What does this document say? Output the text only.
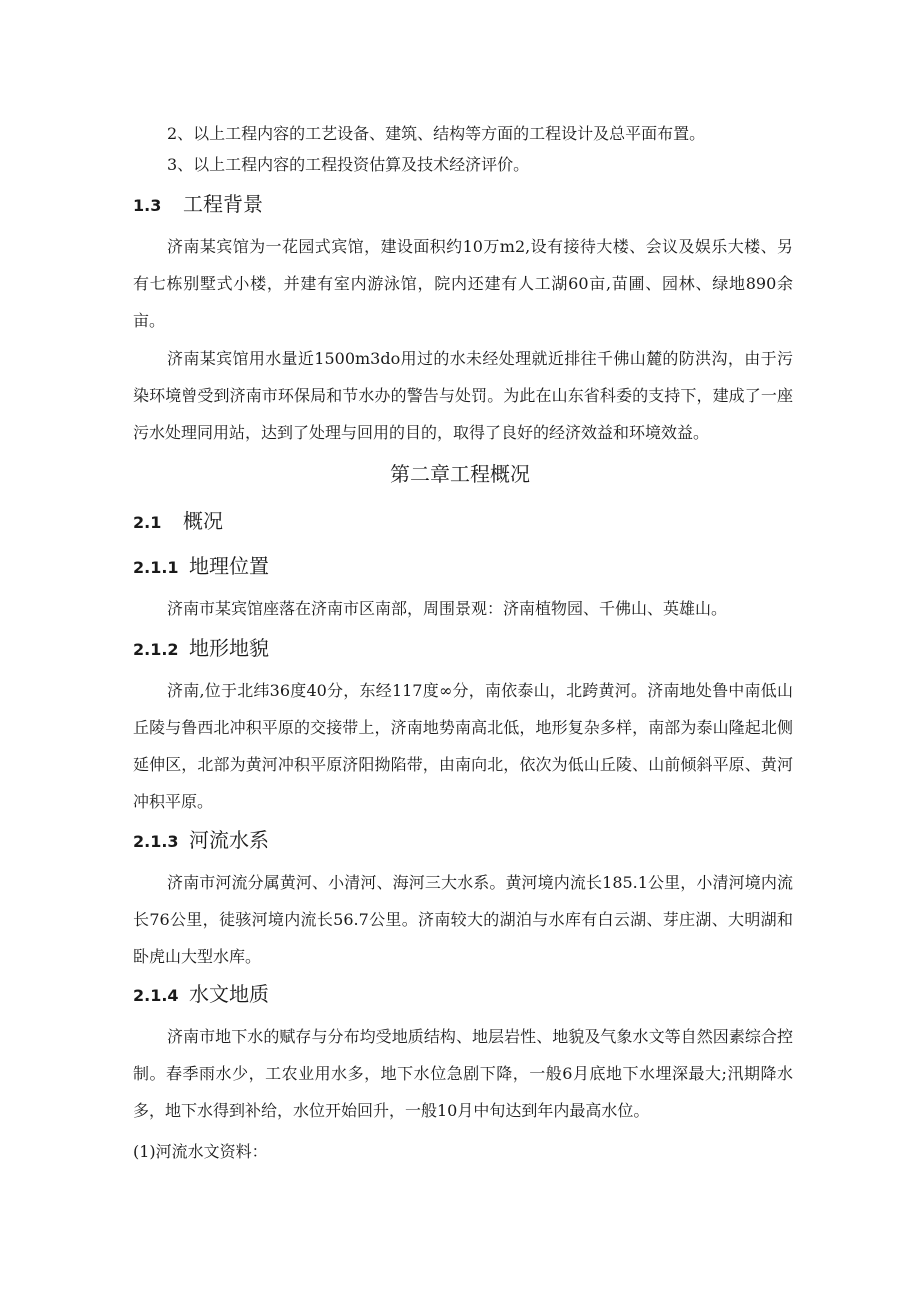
2、以上工程内容的工艺设备、建筑、结构等方面的工程设计及总平面布置。

3、以上工程内容的工程投资估算及技术经济评价。

1.3 工程背景

济南某宾馆为一花园式宾馆，建设面积约10万m2,设有接待大楼、会议及娱乐大楼、另有七栋别墅式小楼，并建有室内游泳馆，院内还建有人工湖60亩,苗圃、园林、绿地890余亩。

济南某宾馆用水量近1500m3do用过的水未经处理就近排往千佛山麓的防洪沟，由于污染环境曾受到济南市环保局和节水办的警告与处罚。为此在山东省科委的支持下，建成了一座污水处理同用站，达到了处理与回用的目的，取得了良好的经济效益和环境效益。

第二章工程概况
2.1 概况
2.1.1 地理位置

济南市某宾馆座落在济南市区南部，周围景观：济南植物园、千佛山、英雄山。

2.1.2 地形地貌

济南,位于北纬36度40分，东经117度∞分，南依泰山，北跨黄河。济南地处鲁中南低山丘陵与鲁西北冲积平原的交接带上，济南地势南高北低，地形复杂多样，南部为泰山隆起北侧延伸区，北部为黄河冲积平原济阳拗陷带，由南向北，依次为低山丘陵、山前倾斜平原、黄河冲积平原。

2.1.3 河流水系

济南市河流分属黄河、小清河、海河三大水系。黄河境内流长185.1公里，小清河境内流长76公里，徒骇河境内流长56.7公里。济南较大的湖泊与水库有白云湖、芽庄湖、大明湖和卧虎山大型水库。

2.1.4 水文地质

济南市地下水的赋存与分布均受地质结构、地层岩性、地貌及气象水文等自然因素综合控制。春季雨水少，工农业用水多，地下水位急剧下降，一般6月底地下水埋深最大;汛期降水多，地下水得到补给，水位开始回升，一般10月中旬达到年内最高水位。

(1)河流水文资料：
